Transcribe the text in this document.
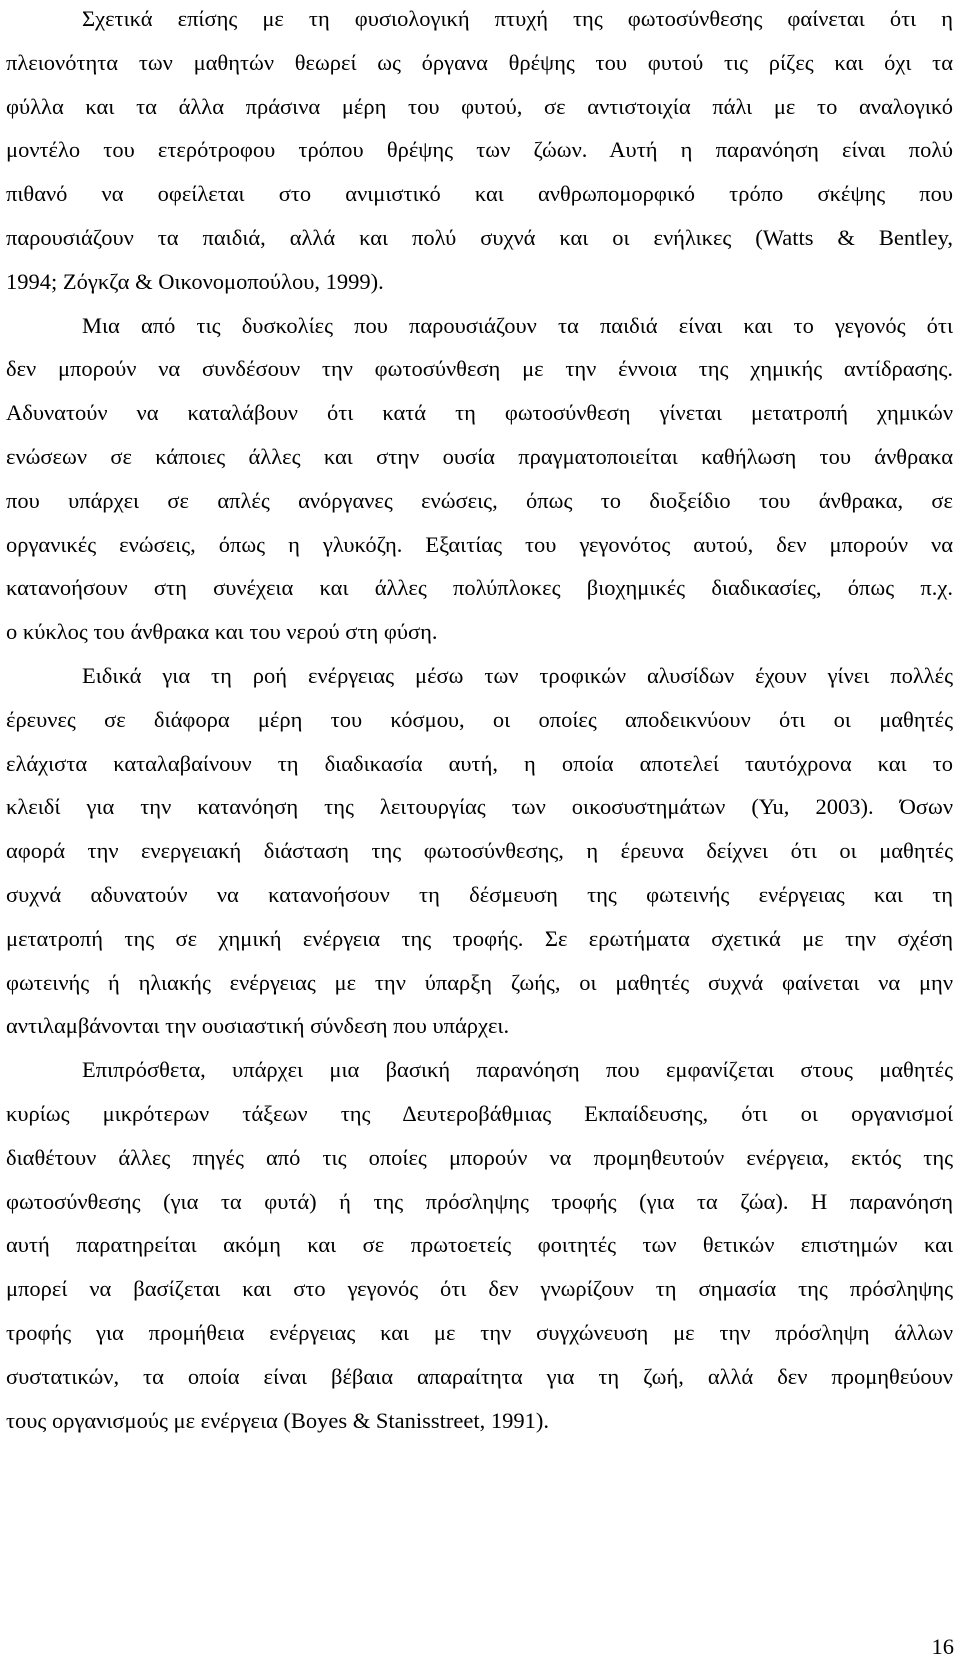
Σχετικά επίσης με τη φυσιολογική πτυχή της φωτοσύνθεσης φαίνεται ότι η
πλειονότητα των μαθητών θεωρεί ως όργανα θρέψης του φυτού τις ρίζες και όχι τα
φύλλα και τα άλλα πράσινα μέρη του φυτού, σε αντιστοιχία πάλι με το αναλογικό
μοντέλο του ετερότροφου τρόπου θρέψης των ζώων. Αυτή η παρανόηση είναι πολύ
πιθανό να οφείλεται στο ανιμιστικό και ανθρωπομορφικό τρόπο σκέψης που
παρουσιάζουν τα παιδιά, αλλά και πολύ συχνά και οι ενήλικες (Watts & Bentley,
1994; Ζόγκζα & Οικονομοπούλου, 1999).
Μια από τις δυσκολίες που παρουσιάζουν τα παιδιά είναι και το γεγονός ότι
δεν μπορούν να συνδέσουν την φωτοσύνθεση με την έννοια της χημικής αντίδρασης.
Αδυνατούν να καταλάβουν ότι κατά τη φωτοσύνθεση γίνεται μετατροπή χημικών
ενώσεων σε κάποιες άλλες και στην ουσία πραγματοποιείται καθήλωση του άνθρακα
που υπάρχει σε απλές ανόργανες ενώσεις, όπως το διοξείδιο του άνθρακα, σε
οργανικές ενώσεις, όπως η γλυκόζη. Εξαιτίας του γεγονότος αυτού, δεν μπορούν να
κατανοήσουν στη συνέχεια και άλλες πολύπλοκες βιοχημικές διαδικασίες, όπως π.χ.
ο κύκλος του άνθρακα και του νερού στη φύση.
Ειδικά για τη ροή ενέργειας μέσω των τροφικών αλυσίδων έχουν γίνει πολλές
έρευνες σε διάφορα μέρη του κόσμου, οι οποίες αποδεικνύουν ότι οι μαθητές
ελάχιστα καταλαβαίνουν τη διαδικασία αυτή, η οποία αποτελεί ταυτόχρονα και το
κλειδί για την κατανόηση της λειτουργίας των οικοσυστημάτων (Yu, 2003). Όσων
αφορά την ενεργειακή διάσταση της φωτοσύνθεσης, η έρευνα δείχνει ότι οι μαθητές
συχνά αδυνατούν να κατανοήσουν τη δέσμευση της φωτεινής ενέργειας και τη
μετατροπή της σε χημική ενέργεια της τροφής. Σε ερωτήματα σχετικά με την σχέση
φωτεινής ή ηλιακής ενέργειας με την ύπαρξη ζωής, οι μαθητές συχνά φαίνεται να μην
αντιλαμβάνονται την ουσιαστική σύνδεση που υπάρχει.
Επιπρόσθετα, υπάρχει μια βασική παρανόηση που εμφανίζεται στους μαθητές
κυρίως μικρότερων τάξεων της Δευτεροβάθμιας Εκπαίδευσης, ότι οι οργανισμοί
διαθέτουν άλλες πηγές από τις οποίες μπορούν να προμηθευτούν ενέργεια, εκτός της
φωτοσύνθεσης (για τα φυτά) ή της πρόσληψης τροφής (για τα ζώα). Η παρανόηση
αυτή παρατηρείται ακόμη και σε πρωτοετείς φοιτητές των θετικών επιστημών και
μπορεί να βασίζεται και στο γεγονός ότι δεν γνωρίζουν τη σημασία της πρόσληψης
τροφής για προμήθεια ενέργειας και με την συγχώνευση με την πρόσληψη άλλων
συστατικών, τα οποία είναι βέβαια απαραίτητα για τη ζωή, αλλά δεν προμηθεύουν
τους οργανισμούς με ενέργεια (Boyes & Stanisstreet, 1991).
16
